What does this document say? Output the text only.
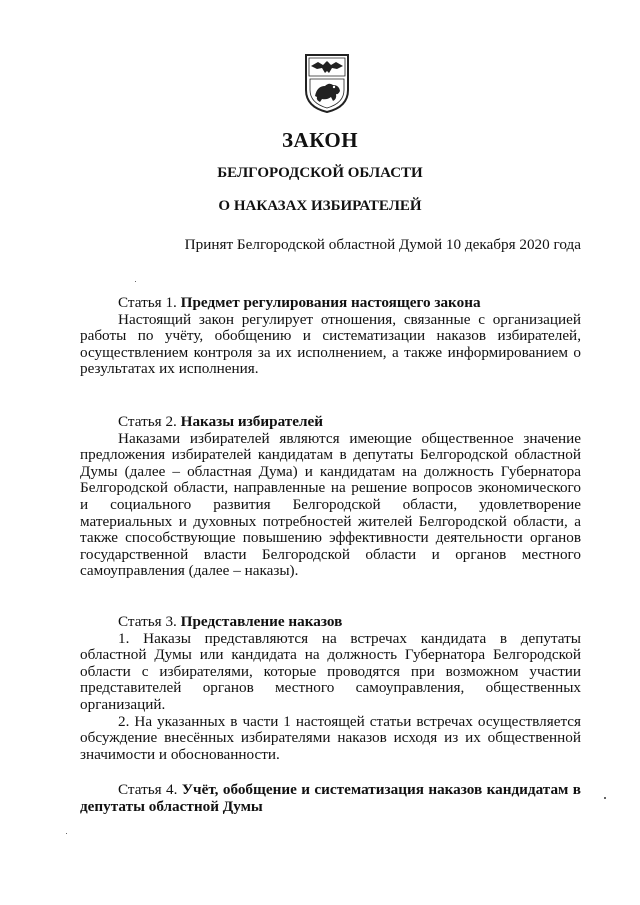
ЗАКОН
БЕЛГОРОДСКОЙ ОБЛАСТИ
О НАКАЗАХ ИЗБИРАТЕЛЕЙ
Принят Белгородской областной Думой 10 декабря 2020 года

Статья 1. Предмет регулирования настоящего закона

Настоящий закон регулирует отношения, связанные с организацией работы по учёту, обобщению и систематизации наказов избирателей, осуществлением контроля за их исполнением, а также информированием о результатах их исполнения.

Статья 2. Наказы избирателей

Наказами избирателей являются имеющие общественное значение предложения избирателей кандидатам в депутаты Белгородской областной Думы (далее – областная Дума) и кандидатам на должность Губернатора Белгородской области, направленные на решение вопросов экономического и социального развития Белгородской области, удовлетворение материальных и духовных потребностей жителей Белгородской области, а также способствующие повышению эффективности деятельности органов государственной власти Белгородской области и органов местного самоуправления (далее – наказы).

Статья 3. Представление наказов

1. Наказы представляются на встречах кандидата в депутаты областной Думы или кандидата на должность Губернатора Белгородской области с избирателями, которые проводятся при возможном участии представителей органов местного самоуправления, общественных организаций.

2. На указанных в части 1 настоящей статьи встречах осуществляется обсуждение внесённых избирателями наказов исходя из их общественной значимости и обоснованности.

Статья 4. Учёт, обобщение и систематизация наказов кандидатам в депутаты областной Думы
